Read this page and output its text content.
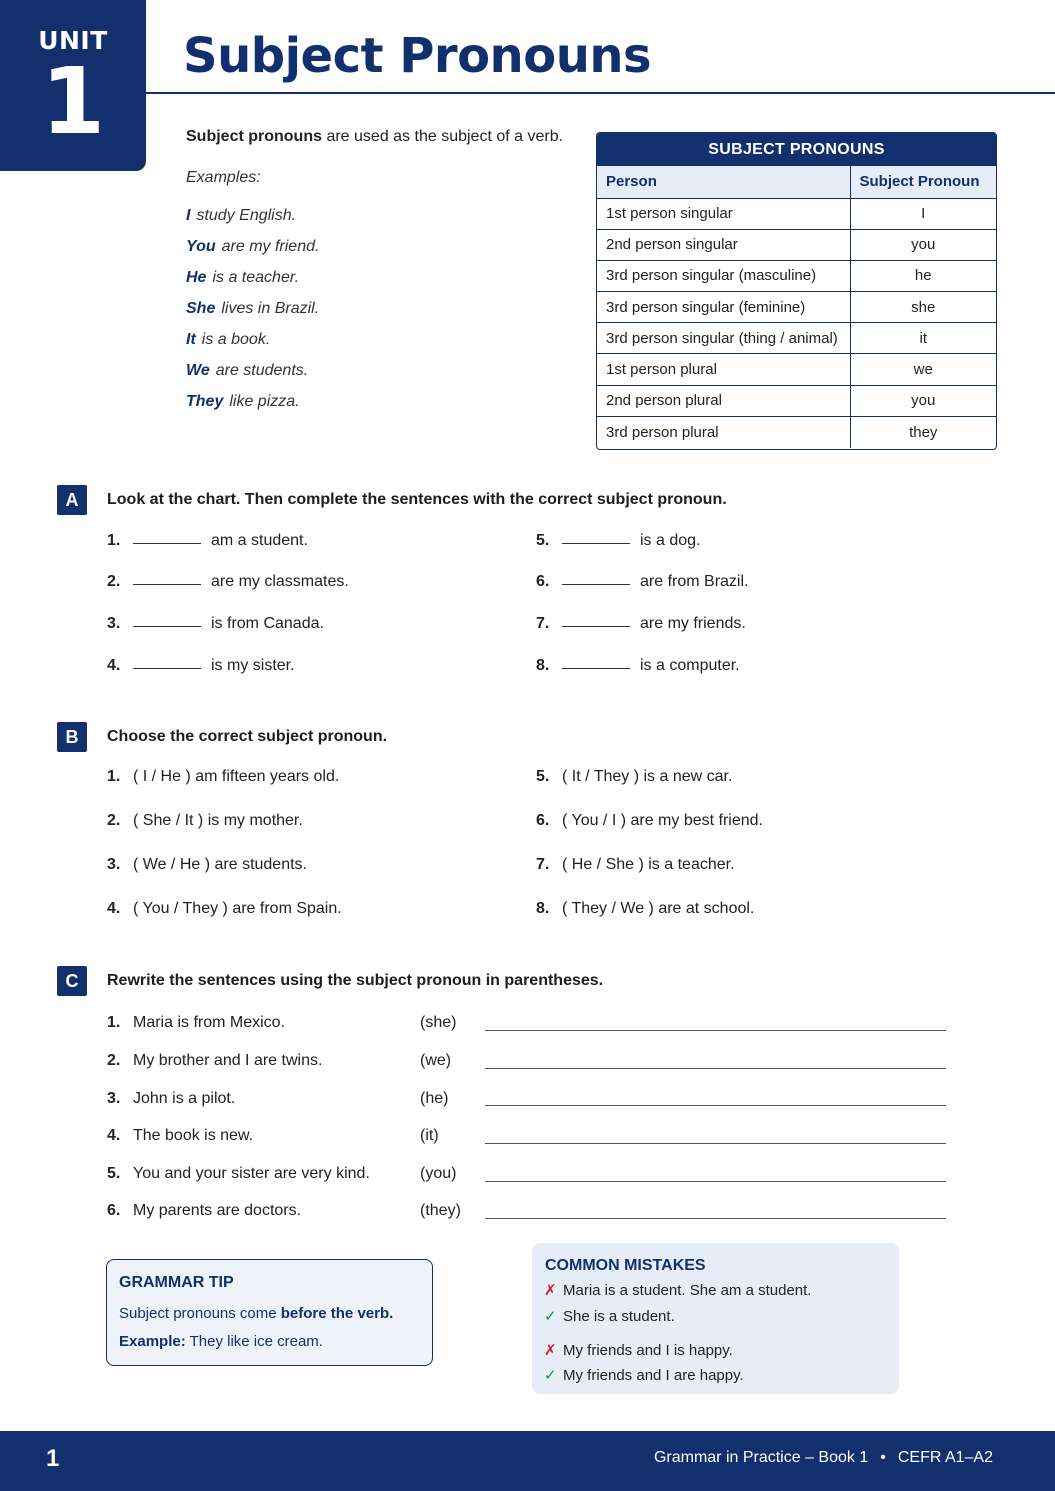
UNIT
1	Subject Pronouns
Subject pronouns are used as the subject of a verb.
Examples:
I study English.
You are my friend.
He is a teacher.
She lives in Brazil.
It is a book.
We are students.
They like pizza.
SUBJECT PRONOUNS
Person	Subject Pronoun
1st person singular	I
2nd person singular	you
3rd person singular (masculine)	he
3rd person singular (feminine)	she
3rd person singular (thing / animal)	it
1st person plural	we
2nd person plural	you
3rd person plural	they
A	Look at the chart. Then complete the sentences with the correct subject pronoun.
1.	am a student.
2.	are my classmates.
3.	is from Canada.
4.	is my sister.
5.	is a dog.
6.	are from Brazil.
7.	are my friends.
8.	is a computer.
B	Choose the correct subject pronoun.
1. ( I / He ) am fifteen years old.
2. ( She / It ) is my mother.
3. ( We / He ) are students.
4. ( You / They ) are from Spain.
5. ( It / They ) is a new car.
6. ( You / I ) are my best friend.
7. ( He / She ) is a teacher.
8. ( They / We ) are at school.
C	Rewrite the sentences using the subject pronoun in parentheses.
1. Maria is from Mexico.	(she)
2. My brother and I are twins.	(we)
3. John is a pilot.	(he)
4. The book is new.	(it)
5. You and your sister are very kind.	(you)
6. My parents are doctors.	(they)
GRAMMAR TIP
Subject pronouns come before the verb.
Example: They like ice cream.
COMMON MISTAKES
✗ Maria is a student. She am a student.
✓ She is a student.
✗ My friends and I is happy.
✓ My friends and I are happy.
1	Grammar in Practice – Book 1 • CEFR A1–A2
